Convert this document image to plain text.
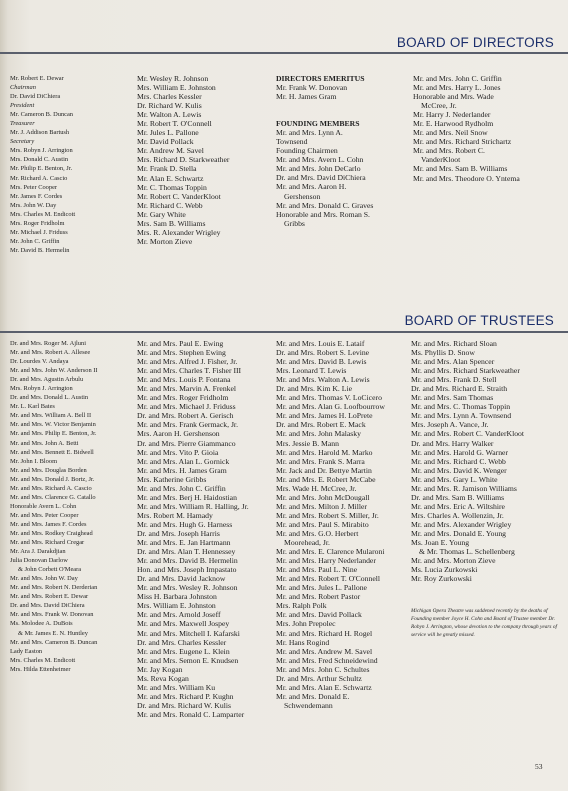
BOARD OF DIRECTORS
Mr. Robert E. Dewar
Chairman
Dr. David DiChiera
President
Mr. Cameron B. Duncan
Treasurer
Mr. J. Addison Bartush
Secretary
Mrs. Robyn J. Arrington
Mrs. Donald C. Austin
Mr. Philip E. Benton, Jr.
Mr. Richard A. Cascio
Mrs. Peter Cooper
Mr. James F. Cordes
Mrs. John W. Day
Mrs. Charles M. Endicott
Mrs. Roger Fridholm
Mr. Michael J. Friduss
Mr. John C. Griffin
Mr. David B. Hermelin
Mr. Wesley R. Johnson
Mrs. William E. Johnston
Mrs. Charles Kessler
Dr. Richard W. Kulis
Mr. Walton A. Lewis
Mr. Robert T. O'Connell
Mr. Jules L. Pallone
Mr. David Pollack
Mr. Andrew M. Savel
Mrs. Richard D. Starkweather
Mr. Frank D. Stella
Mr. Alan E. Schwartz
Mr. C. Thomas Toppin
Mr. Robert C. VanderKloot
Mr. Richard C. Webb
Mr. Gary White
Mrs. Sam B. Williams
Mrs. R. Alexander Wrigley
Mr. Morton Zieve
DIRECTORS EMERITUS
Mr. Frank W. Donovan
Mr. H. James Gram
FOUNDING MEMBERS
Mr. and Mrs. Lynn A.
Townsend
Founding Chairmen
Mr. and Mrs. Avern L. Cohn
Mr. and Mrs. John DeCarlo
Dr. and Mrs. David DiChiera
Mr. and Mrs. Aaron H.
Gershenson
Mr. and Mrs. Donald C. Graves
Honorable and Mrs. Roman S.
Gribbs
Mr. and Mrs. John C. Griffin
Mr. and Mrs. Harry L. Jones
Honorable and Mrs. Wade
McCree, Jr.
Mr. Harry J. Nederlander
Mr. E. Harwood Rydholm
Mr. and Mrs. Neil Snow
Mr. and Mrs. Richard Strichartz
Mr. and Mrs. Robert C.
VanderKloot
Mr. and Mrs. Sam B. Williams
Mr. and Mrs. Theodore O. Yntema
BOARD OF TRUSTEES
Dr. and Mrs. Roger M. Ajluni
Mr. and Mrs. Robert A. Allesee
Dr. Lourdes V. Andaya
Mr. and Mrs. John W. Anderson II
Dr. and Mrs. Agustin Arbulu
Mrs. Robyn J. Arrington
Dr. and Mrs. Donald L. Austin
Mr. L. Karl Bates
Mr. and Mrs. William A. Bell II
Mr. and Mrs. W. Victor Benjamin
Mr. and Mrs. Philip E. Benton, Jr.
Mr. and Mrs. John A. Betti
Mr. and Mrs. Bennett E. Bidwell
Mr. John I. Bloom
Mr. and Mrs. Douglas Borden
Mr. and Mrs. Donald J. Bortz, Jr.
Mr. and Mrs. Richard A. Cascio
Mr. and Mrs. Clarence G. Catallo
Honorable Avern L. Cohn
Mr. and Mrs. Peter Cooper
Mr. and Mrs. James F. Cordes
Mr. and Mrs. Rodkey Craighead
Mr. and Mrs. Richard Cregar
Mr. Ara J. Darakdjian
Julia Donovan Darlow
& John Corbett O'Meara
Mr. and Mrs. John W. Day
Mr. and Mrs. Robert N. Derderian
Mr. and Mrs. Robert E. Dewar
Dr. and Mrs. David DiChiera
Mr. and Mrs. Frank W. Donovan
Ms. Molodee A. DuBois
& Mr. James E. N. Huntley
Mr. and Mrs. Cameron B. Duncan
Lady Easton
Mrs. Charles M. Endicott
Mrs. Hilda Ettenheimer
Mr. and Mrs. Paul E. Ewing
Mr. and Mrs. Stephen Ewing
Mr. and Mrs. Alfred J. Fisher, Jr.
Mr. and Mrs. Charles T. Fisher III
Mr. and Mrs. Louis P. Fontana
Mr. and Mrs. Marvin A. Frenkel
Mr. and Mrs. Roger Fridholm
Mr. and Mrs. Michael J. Friduss
Dr. and Mrs. Robert A. Gerisch
Mr. and Mrs. Frank Germack, Jr.
Mrs. Aaron H. Gershenson
Dr. and Mrs. Pierre Giammanco
Mr. and Mrs. Vito P. Gioia
Mr. and Mrs. Alan L. Gornick
Mr. and Mrs. H. James Gram
Mrs. Katherine Gribbs
Mr. and Mrs. John C. Griffin
Mr. and Mrs. Berj H. Haidostian
Mr. and Mrs. William R. Halling, Jr.
Mrs. Robert M. Hamady
Mr. and Mrs. Hugh G. Harness
Dr. and Mrs. Joseph Harris
Mr. and Mrs. E. Jan Hartmann
Dr. and Mrs. Alan T. Hennessey
Mr. and Mrs. David B. Hermelin
Hon. and Mrs. Joseph Impastato
Dr. and Mrs. David Jacknow
Mr. and Mrs. Wesley R. Johnson
Miss H. Barbara Johnston
Mrs. William E. Johnston
Mr. and Mrs. Arnold Joseff
Mr. and Mrs. Maxwell Jospey
Mr. and Mrs. Mitchell I. Kafarski
Dr. and Mrs. Charles Kessler
Mr. and Mrs. Eugene L. Klein
Mr. and Mrs. Semon E. Knudsen
Mr. Jay Kogan
Ms. Reva Kogan
Mr. and Mrs. William Ku
Mr. and Mrs. Richard P. Kughn
Dr. and Mrs. Richard W. Kulis
Mr. and Mrs. Ronald C. Lamparter
Mr. and Mrs. Louis E. Lataif
Dr. and Mrs. Robert S. Levine
Mr. and Mrs. David B. Lewis
Mrs. Leonard T. Lewis
Mr. and Mrs. Walton A. Lewis
Dr. and Mrs. Kim K. Lie
Mr. and Mrs. Thomas V. LoCicero
Mr. and Mrs. Alan G. Loofbourrow
Mr. and Mrs. James H. LoPrete
Dr. and Mrs. Robert E. Mack
Mr. and Mrs. John Malasky
Mrs. Jessie B. Mann
Mr. and Mrs. Harold M. Marko
Mr. and Mrs. Frank S. Marra
Mr. Jack and Dr. Bettye Martin
Mr. and Mrs. E. Robert McCabe
Mrs. Wade H. McCree, Jr.
Mr. and Mrs. John McDougall
Mr. and Mrs. Milton J. Miller
Mr. and Mrs. Robert S. Miller, Jr.
Mr. and Mrs. Paul S. Mirabito
Mr. and Mrs. G.O. Herbert
Moorehead, Jr.
Mr. and Mrs. E. Clarence Mularoni
Mr. and Mrs. Harry Nederlander
Mr. and Mrs. Paul L. Nine
Mr. and Mrs. Robert T. O'Connell
Mr. and Mrs. Jules L. Pallone
Mr. and Mrs. Robert Pastor
Mrs. Ralph Polk
Mr. and Mrs. David Pollack
Mrs. John Prepolec
Mr. and Mrs. Richard H. Rogel
Mr. Hans Rogind
Mr. and Mrs. Andrew M. Savel
Mr. and Mrs. Fred Schneidewind
Mr. and Mrs. John C. Schultes
Dr. and Mrs. Arthur Schultz
Mr. and Mrs. Alan E. Schwartz
Mr. and Mrs. Donald E.
Schwendemann
Mr. and Mrs. Richard Sloan
Ms. Phyllis D. Snow
Mr. and Mrs. Alan Spencer
Mr. and Mrs. Richard Starkweather
Mr. and Mrs. Frank D. Stell
Dr. and Mrs. Richard E. Straith
Mr. and Mrs. Sam Thomas
Mr. and Mrs. C. Thomas Toppin
Mr. and Mrs. Lynn A. Townsend
Mrs. Joseph A. Vance, Jr.
Mr. and Mrs. Robert C. VanderKloot
Dr. and Mrs. Harry Walker
Mr. and Mrs. Harold G. Warner
Mr. and Mrs. Richard C. Webb
Mr. and Mrs. David K. Wenger
Mr. and Mrs. Gary L. White
Mr. and Mrs. R. Jamison Williams
Dr. and Mrs. Sam B. Williams
Mr. and Mrs. Eric A. Wiltshire
Mrs. Charles A. Wollenzin, Jr.
Mr. and Mrs. Alexander Wrigley
Mr. and Mrs. Donald E. Young
Ms. Joan E. Young
& Mr. Thomas L. Schellenberg
Mr. and Mrs. Morton Zieve
Ms. Lucia Zurkowski
Mr. Roy Zurkowski
Michigan Opera Theatre was saddened recently by the deaths of Founding member Joyce H. Cohn and Board of Trustee member Dr. Robyn J. Arrington, whose devotion to the company through years of service will be greatly missed.
53
